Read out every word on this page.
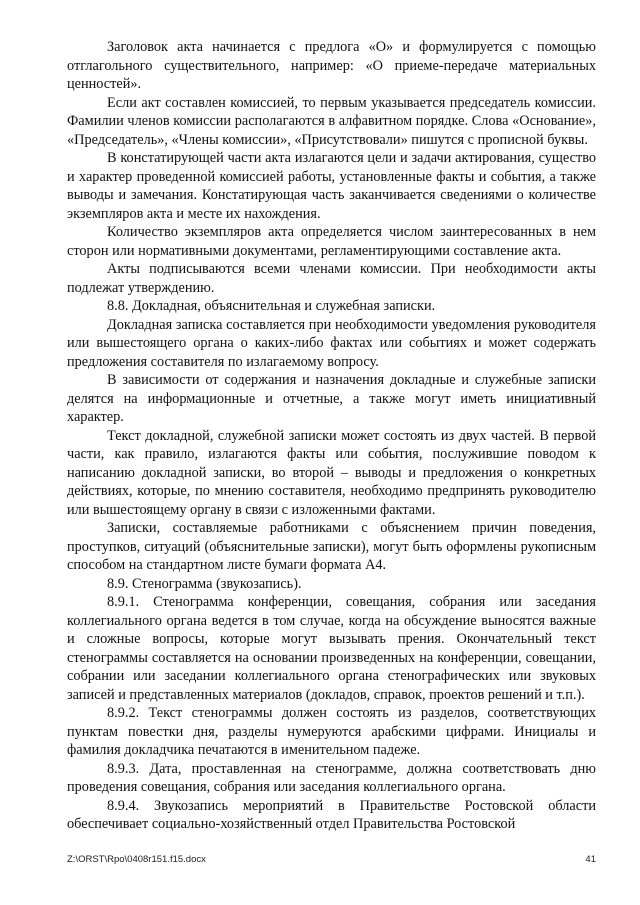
Заголовок акта начинается с предлога «О» и формулируется с помощью отглагольного существительного, например: «О приеме-передаче материальных ценностей».

Если акт составлен комиссией, то первым указывается председатель комиссии. Фамилии членов комиссии располагаются в алфавитном порядке. Слова «Основание», «Председатель», «Члены комиссии», «Присутствовали» пишутся с прописной буквы.

В констатирующей части акта излагаются цели и задачи актирования, существо и характер проведенной комиссией работы, установленные факты и события, а также выводы и замечания. Констатирующая часть заканчивается сведениями о количестве экземпляров акта и месте их нахождения.

Количество экземпляров акта определяется числом заинтересованных в нем сторон или нормативными документами, регламентирующими составление акта.

Акты подписываются всеми членами комиссии. При необходимости акты подлежат утверждению.

8.8. Докладная, объяснительная и служебная записки.

Докладная записка составляется при необходимости уведомления руководителя или вышестоящего органа о каких-либо фактах или событиях и может содержать предложения составителя по излагаемому вопросу.

В зависимости от содержания и назначения докладные и служебные записки делятся на информационные и отчетные, а также могут иметь инициативный характер.

Текст докладной, служебной записки может состоять из двух частей. В первой части, как правило, излагаются факты или события, послужившие поводом к написанию докладной записки, во второй – выводы и предложения о конкретных действиях, которые, по мнению составителя, необходимо предпринять руководителю или вышестоящему органу в связи с изложенными фактами.

Записки, составляемые работниками с объяснением причин поведения, проступков, ситуаций (объяснительные записки), могут быть оформлены рукописным способом на стандартном листе бумаги формата А4.

8.9. Стенограмма (звукозапись).

8.9.1. Стенограмма конференции, совещания, собрания или заседания коллегиального органа ведется в том случае, когда на обсуждение выносятся важные и сложные вопросы, которые могут вызывать прения. Окончательный текст стенограммы составляется на основании произведенных на конференции, совещании, собрании или заседании коллегиального органа стенографических или звуковых записей и представленных материалов (докладов, справок, проектов решений и т.п.).

8.9.2. Текст стенограммы должен состоять из разделов, соответствующих пунктам повестки дня, разделы нумеруются арабскими цифрами. Инициалы и фамилия докладчика печатаются в именительном падеже.

8.9.3. Дата, проставленная на стенограмме, должна соответствовать дню проведения совещания, собрания или заседания коллегиального органа.

8.9.4. Звукозапись мероприятий в Правительстве Ростовской области обеспечивает социально-хозяйственный отдел Правительства Ростовской

Z:\ORST\Rpo\0408r151.f15.docx	41
